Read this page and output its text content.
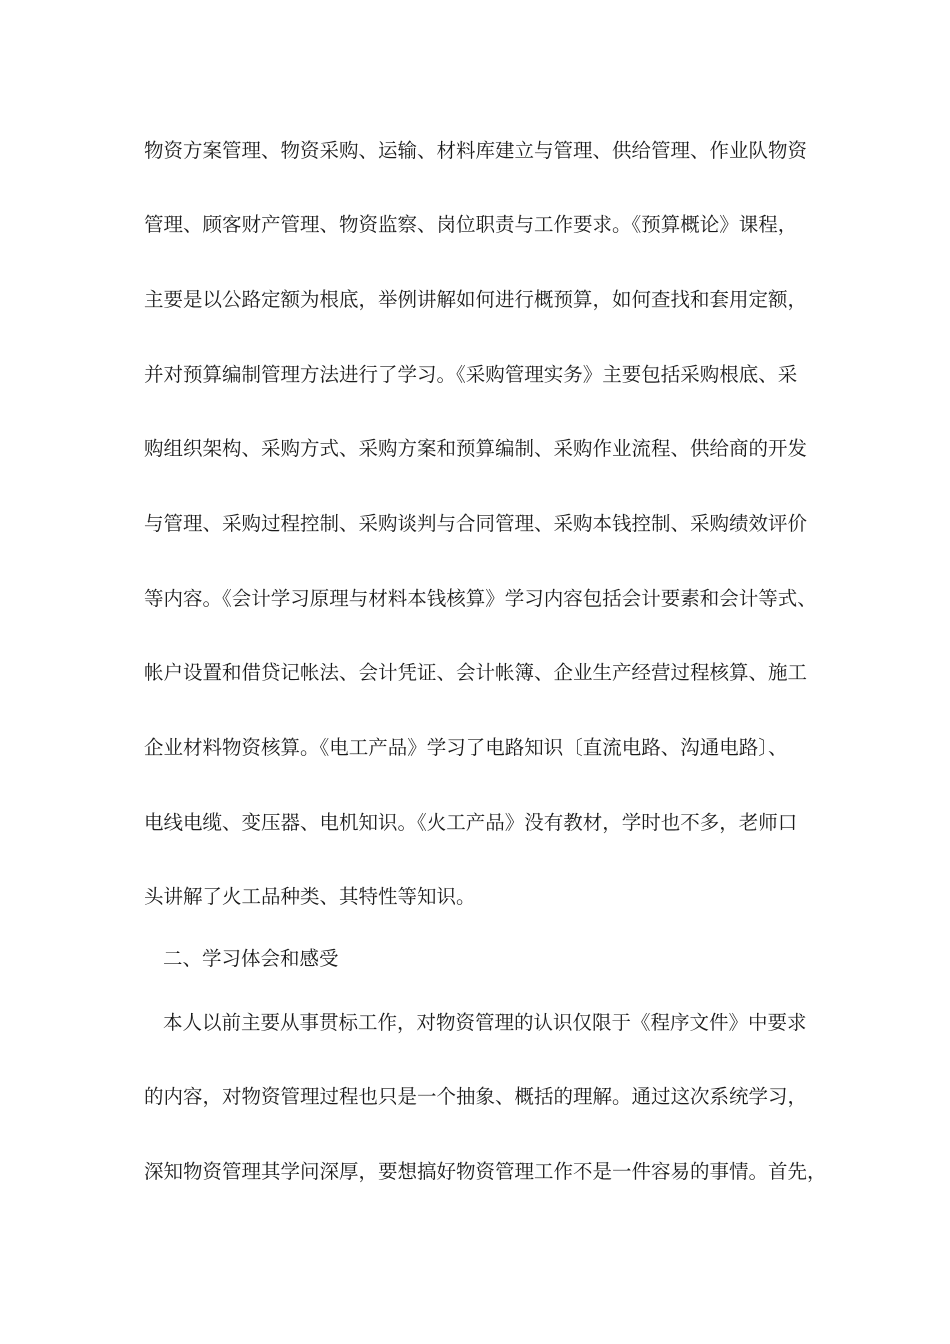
物资方案管理、物资采购、运输、材料库建立与管理、供给管理、作业队物资
管理、顾客财产管理、物资监察、岗位职责与工作要求。《预算概论》课程，
主要是以公路定额为根底，举例讲解如何进行概预算，如何查找和套用定额，
并对预算编制管理方法进行了学习。《采购管理实务》主要包括采购根底、采
购组织架构、采购方式、采购方案和预算编制、采购作业流程、供给商的开发
与管理、采购过程控制、采购谈判与合同管理、采购本钱控制、采购绩效评价
等内容。《会计学习原理与材料本钱核算》学习内容包括会计要素和会计等式、
帐户设置和借贷记帐法、会计凭证、会计帐簿、企业生产经营过程核算、施工
企业材料物资核算。《电工产品》学习了电路知识〔直流电路、沟通电路〕、
电线电缆、变压器、电机知识。《火工产品》没有教材，学时也不多，老师口
头讲解了火工品种类、其特性等知识。
二、学习体会和感受
本人以前主要从事贯标工作，对物资管理的认识仅限于《程序文件》中要求
的内容，对物资管理过程也只是一个抽象、概括的理解。通过这次系统学习，
深知物资管理其学问深厚，要想搞好物资管理工作不是一件容易的事情。首先，
